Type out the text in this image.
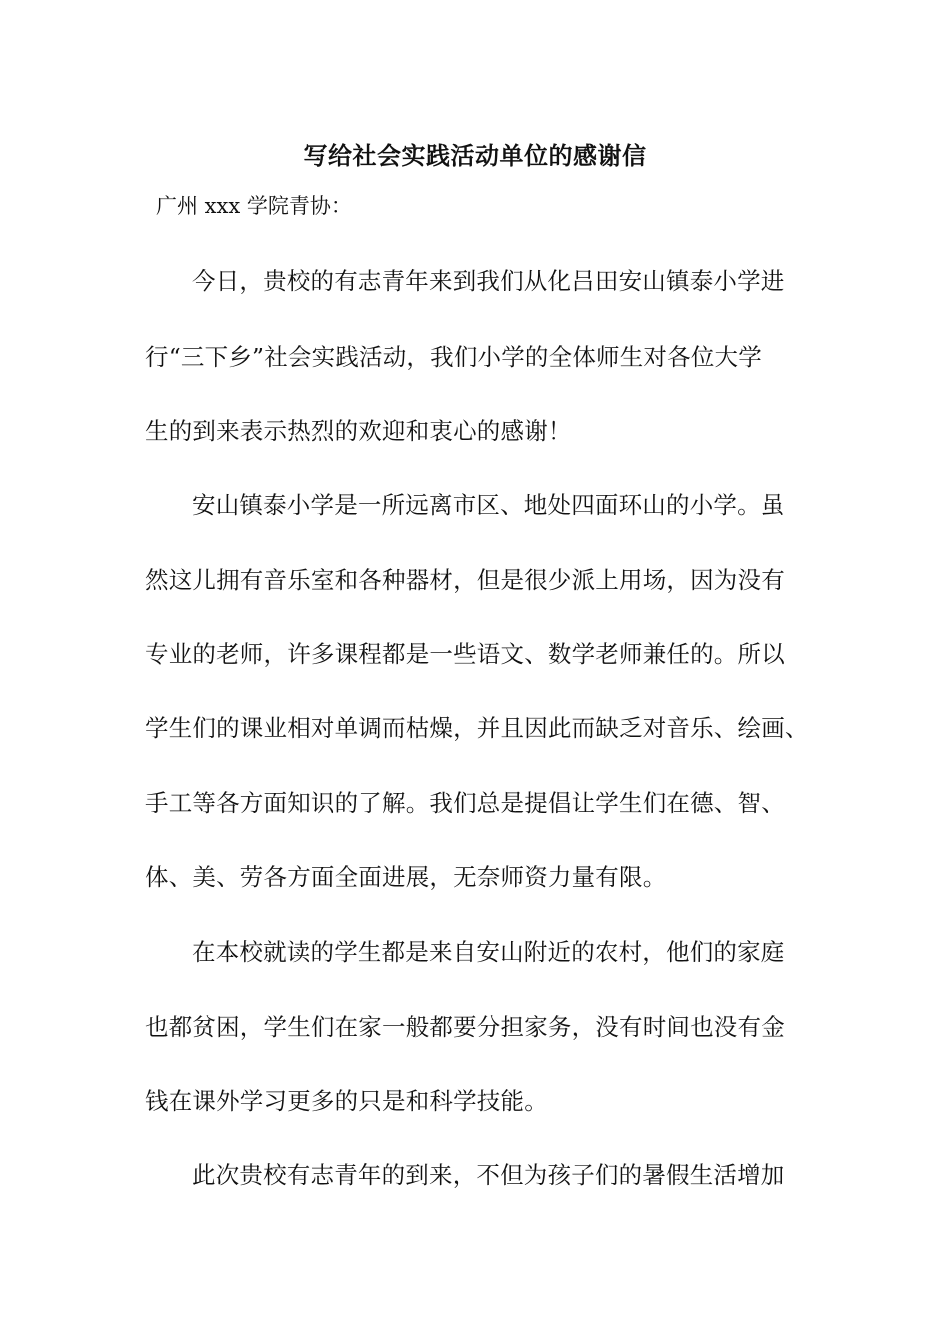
写给社会实践活动单位的感谢信
广州 xxx 学院青协：
今日，贵校的有志青年来到我们从化吕田安山镇泰小学进
行“三下乡”社会实践活动，我们小学的全体师生对各位大学
生的到来表示热烈的欢迎和衷心的感谢！
安山镇泰小学是一所远离市区、地处四面环山的小学。虽
然这儿拥有音乐室和各种器材，但是很少派上用场，因为没有
专业的老师，许多课程都是一些语文、数学老师兼任的。所以
学生们的课业相对单调而枯燥，并且因此而缺乏对音乐、绘画、
手工等各方面知识的了解。我们总是提倡让学生们在德、智、
体、美、劳各方面全面进展，无奈师资力量有限。
在本校就读的学生都是来自安山附近的农村，他们的家庭
也都贫困，学生们在家一般都要分担家务，没有时间也没有金
钱在课外学习更多的只是和科学技能。
此次贵校有志青年的到来，不但为孩子们的暑假生活增加
